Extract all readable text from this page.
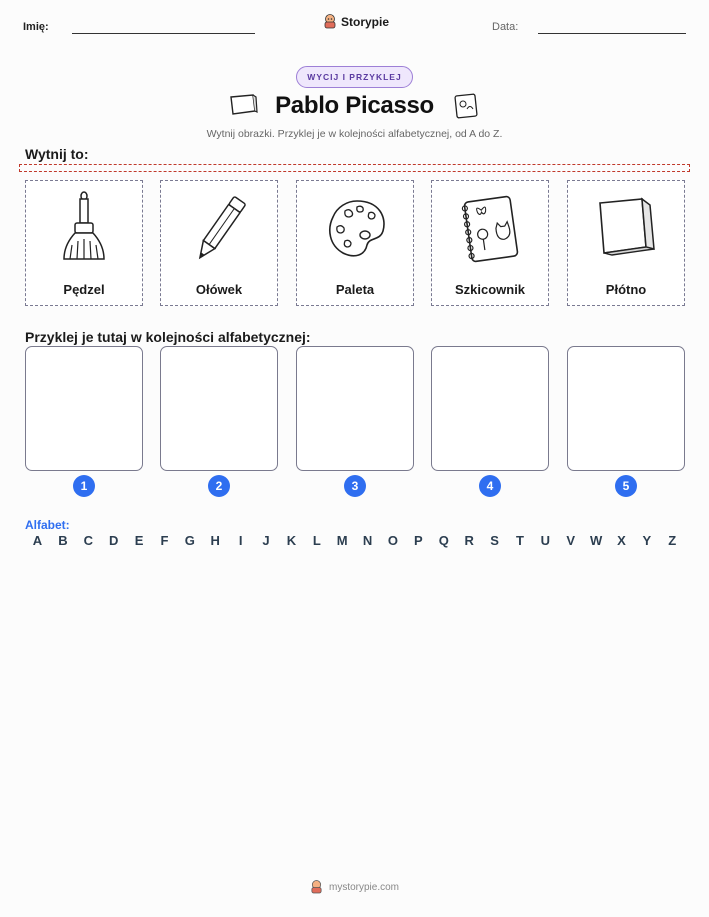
Imię:	Storypie	Data:
WYCIJ I PRZYKLEJ
Pablo Picasso
Wytnij obrazki. Przyklej je w kolejności alfabetycznej, od A do Z.
Wytnij to:
Pędzel	Ołówek	Paleta	Szkicownik	Płótno
Przyklej je tutaj w kolejności alfabetycznej:
1	2	3	4	5
Alfabet:
A	B	C	D	E	F	G	H	I	J	K	L	M	N	O	P	Q	R	S	T	U	V	W	X	Y	Z
mystorypie.com
